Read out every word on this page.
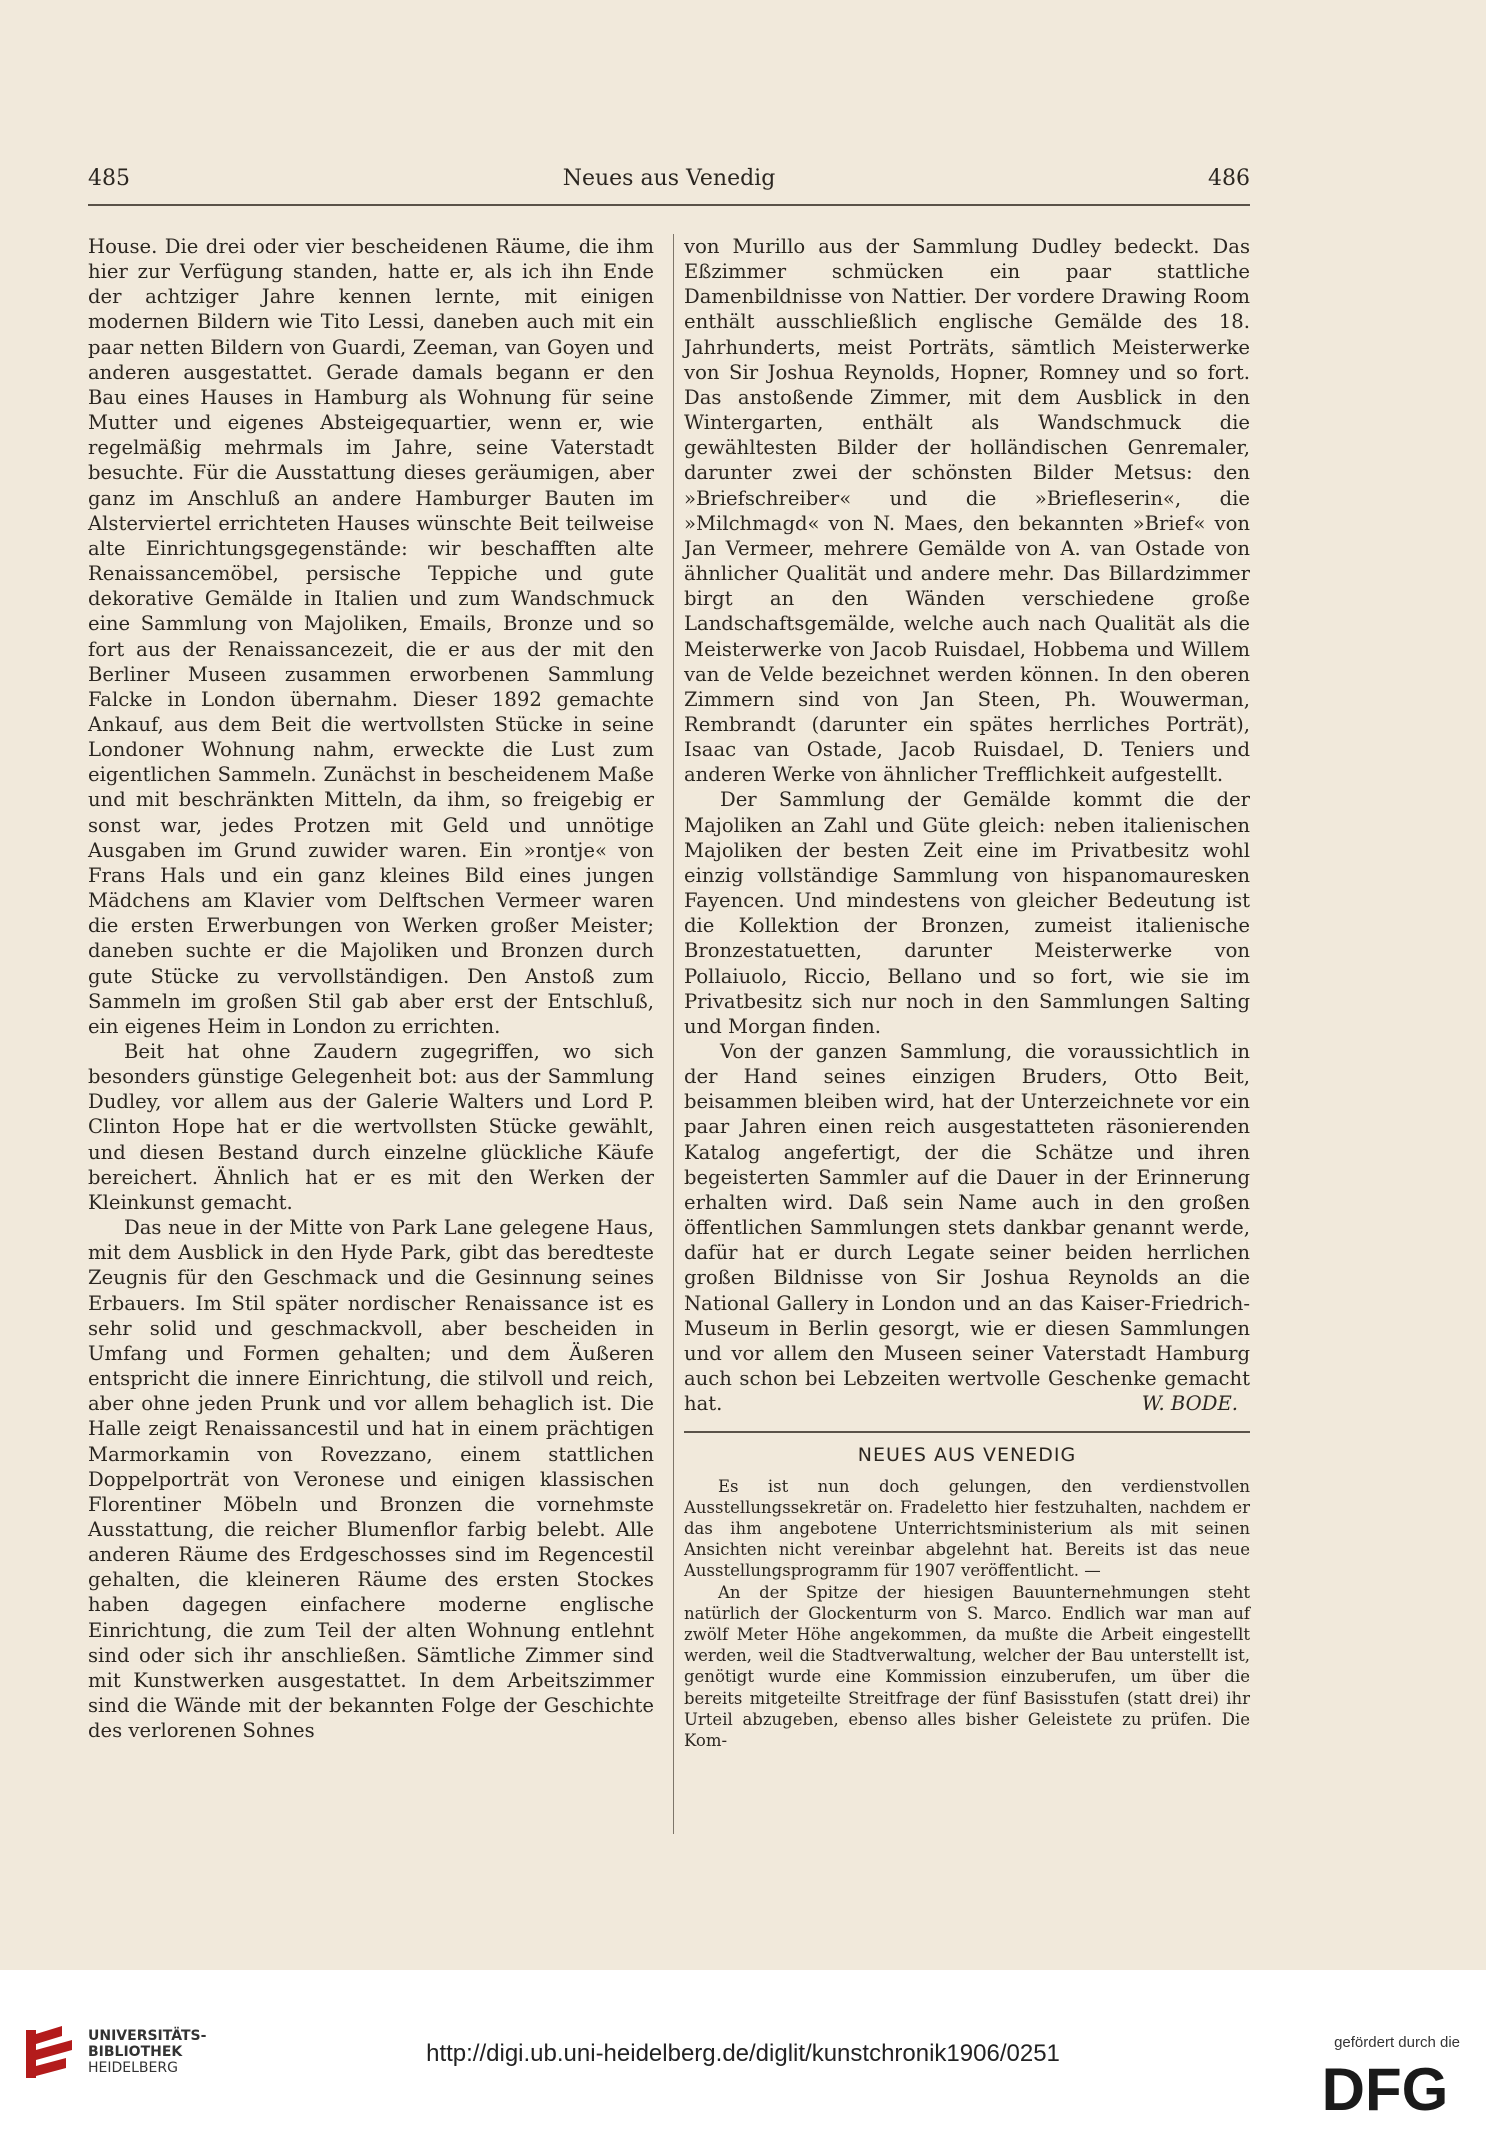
485	Neues aus Venedig	486

House. Die drei oder vier bescheidenen Räume, die ihm hier zur Verfügung standen, hatte er, als ich ihn Ende der achtziger Jahre kennen lernte, mit einigen modernen Bildern wie Tito Lessi, daneben auch mit ein paar netten Bildern von Guardi, Zeeman, van Goyen und anderen ausgestattet. Gerade damals begann er den Bau eines Hauses in Hamburg als Wohnung für seine Mutter und eigenes Absteigequartier, wenn er, wie regelmäßig mehrmals im Jahre, seine Vaterstadt besuchte. Für die Ausstattung dieses geräumigen, aber ganz im Anschluß an andere Hamburger Bauten im Alsterviertel errichteten Hauses wünschte Beit teilweise alte Einrichtungsgegenstände: wir beschafften alte Renaissancemöbel, persische Teppiche und gute dekorative Gemälde in Italien und zum Wandschmuck eine Sammlung von Majoliken, Emails, Bronze und so fort aus der Renaissancezeit, die er aus der mit den Berliner Museen zusammen erworbenen Sammlung Falcke in London übernahm. Dieser 1892 gemachte Ankauf, aus dem Beit die wertvollsten Stücke in seine Londoner Wohnung nahm, erweckte die Lust zum eigentlichen Sammeln. Zunächst in bescheidenem Maße und mit beschränkten Mitteln, da ihm, so freigebig er sonst war, jedes Protzen mit Geld und unnötige Ausgaben im Grund zuwider waren. Ein »rontje« von Frans Hals und ein ganz kleines Bild eines jungen Mädchens am Klavier vom Delftschen Vermeer waren die ersten Erwerbungen von Werken großer Meister; daneben suchte er die Majoliken und Bronzen durch gute Stücke zu vervollständigen. Den Anstoß zum Sammeln im großen Stil gab aber erst der Entschluß, ein eigenes Heim in London zu errichten.

Beit hat ohne Zaudern zugegriffen, wo sich besonders günstige Gelegenheit bot: aus der Sammlung Dudley, vor allem aus der Galerie Walters und Lord P. Clinton Hope hat er die wertvollsten Stücke gewählt, und diesen Bestand durch einzelne glückliche Käufe bereichert. Ähnlich hat er es mit den Werken der Kleinkunst gemacht.

Das neue in der Mitte von Park Lane gelegene Haus, mit dem Ausblick in den Hyde Park, gibt das beredteste Zeugnis für den Geschmack und die Gesinnung seines Erbauers. Im Stil später nordischer Renaissance ist es sehr solid und geschmackvoll, aber bescheiden in Umfang und Formen gehalten; und dem Äußeren entspricht die innere Einrichtung, die stilvoll und reich, aber ohne jeden Prunk und vor allem behaglich ist. Die Halle zeigt Renaissancestil und hat in einem prächtigen Marmorkamin von Rovezzano, einem stattlichen Doppelporträt von Veronese und einigen klassischen Florentiner Möbeln und Bronzen die vornehmste Ausstattung, die reicher Blumenflor farbig belebt. Alle anderen Räume des Erdgeschosses sind im Regencestil gehalten, die kleineren Räume des ersten Stockes haben dagegen einfachere moderne englische Einrichtung, die zum Teil der alten Wohnung entlehnt sind oder sich ihr anschließen. Sämtliche Zimmer sind mit Kunstwerken ausgestattet. In dem Arbeitszimmer sind die Wände mit der bekannten Folge der Geschichte des verlorenen Sohnes

von Murillo aus der Sammlung Dudley bedeckt. Das Eßzimmer schmücken ein paar stattliche Damenbildnisse von Nattier. Der vordere Drawing Room enthält ausschließlich englische Gemälde des 18. Jahrhunderts, meist Porträts, sämtlich Meisterwerke von Sir Joshua Reynolds, Hopner, Romney und so fort. Das anstoßende Zimmer, mit dem Ausblick in den Wintergarten, enthält als Wandschmuck die gewähltesten Bilder der holländischen Genremaler, darunter zwei der schönsten Bilder Metsus: den »Briefschreiber« und die »Briefleserin«, die »Milchmagd« von N. Maes, den bekannten »Brief« von Jan Vermeer, mehrere Gemälde von A. van Ostade von ähnlicher Qualität und andere mehr. Das Billardzimmer birgt an den Wänden verschiedene große Landschaftsgemälde, welche auch nach Qualität als die Meisterwerke von Jacob Ruisdael, Hobbema und Willem van de Velde bezeichnet werden können. In den oberen Zimmern sind von Jan Steen, Ph. Wouwerman, Rembrandt (darunter ein spätes herrliches Porträt), Isaac van Ostade, Jacob Ruisdael, D. Teniers und anderen Werke von ähnlicher Trefflichkeit aufgestellt.

Der Sammlung der Gemälde kommt die der Majoliken an Zahl und Güte gleich: neben italienischen Majoliken der besten Zeit eine im Privatbesitz wohl einzig vollständige Sammlung von hispanomauresken Fayencen. Und mindestens von gleicher Bedeutung ist die Kollektion der Bronzen, zumeist italienische Bronzestatuetten, darunter Meisterwerke von Pollaiuolo, Riccio, Bellano und so fort, wie sie im Privatbesitz sich nur noch in den Sammlungen Salting und Morgan finden.

Von der ganzen Sammlung, die voraussichtlich in der Hand seines einzigen Bruders, Otto Beit, beisammen bleiben wird, hat der Unterzeichnete vor ein paar Jahren einen reich ausgestatteten räsonierenden Katalog angefertigt, der die Schätze und ihren begeisterten Sammler auf die Dauer in der Erinnerung erhalten wird. Daß sein Name auch in den großen öffentlichen Sammlungen stets dankbar genannt werde, dafür hat er durch Legate seiner beiden herrlichen großen Bildnisse von Sir Joshua Reynolds an die National Gallery in London und an das Kaiser-Friedrich-Museum in Berlin gesorgt, wie er diesen Sammlungen und vor allem den Museen seiner Vaterstadt Hamburg auch schon bei Lebzeiten wertvolle Geschenke gemacht hat.	W. BODE.
NEUES AUS VENEDIG

Es ist nun doch gelungen, den verdienstvollen Ausstellungssekretär on. Fradeletto hier festzuhalten, nachdem er das ihm angebotene Unterrichtsministerium als mit seinen Ansichten nicht vereinbar abgelehnt hat. Bereits ist das neue Ausstellungsprogramm für 1907 veröffentlicht. —

An der Spitze der hiesigen Bauunternehmungen steht natürlich der Glockenturm von S. Marco. Endlich war man auf zwölf Meter Höhe angekommen, da mußte die Arbeit eingestellt werden, weil die Stadtverwaltung, welcher der Bau unterstellt ist, genötigt wurde eine Kommission einzuberufen, um über die bereits mitgeteilte Streitfrage der fünf Basisstufen (statt drei) ihr Urteil abzugeben, ebenso alles bisher Geleistete zu prüfen. Die Kom-

UNIVERSITÄTS-
BIBLIOTHEK
HEIDELBERG
http://digi.ub.uni-heidelberg.de/diglit/kunstchronik1906/0251	gefördert durch die
DFG
